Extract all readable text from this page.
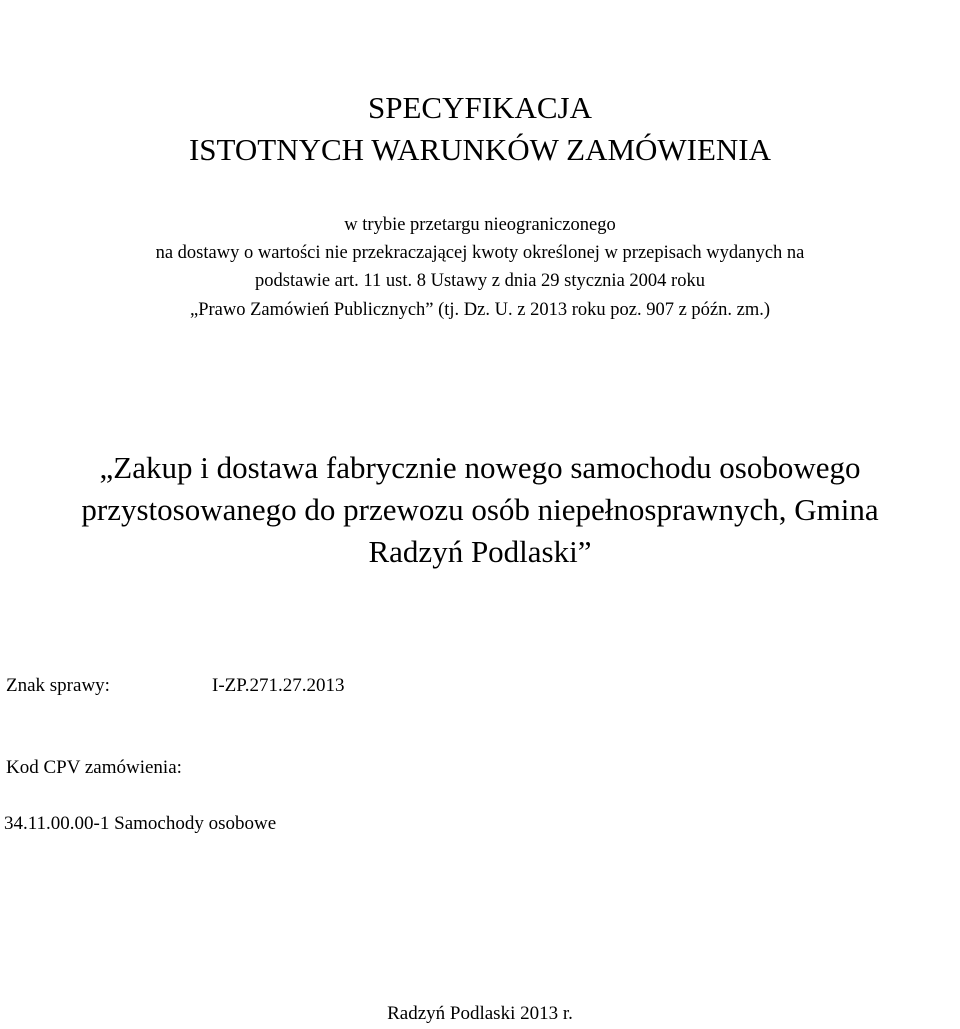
SPECYFIKACJA
ISTOTNYCH WARUNKÓW ZAMÓWIENIA
w trybie przetargu nieograniczonego
na dostawy o wartości nie przekraczającej kwoty określonej w przepisach wydanych na
podstawie art. 11 ust. 8 Ustawy z dnia 29 stycznia 2004 roku
„Prawo Zamówień Publicznych” (tj. Dz. U. z 2013 roku poz. 907 z późn. zm.)
„Zakup i dostawa fabrycznie nowego samochodu osobowego
przystosowanego do przewozu osób niepełnosprawnych, Gmina
Radzyń Podlaski”
Znak sprawy:	I-ZP.271.27.2013
Kod CPV zamówienia:
34.11.00.00-1 Samochody osobowe
Radzyń Podlaski 2013 r.
